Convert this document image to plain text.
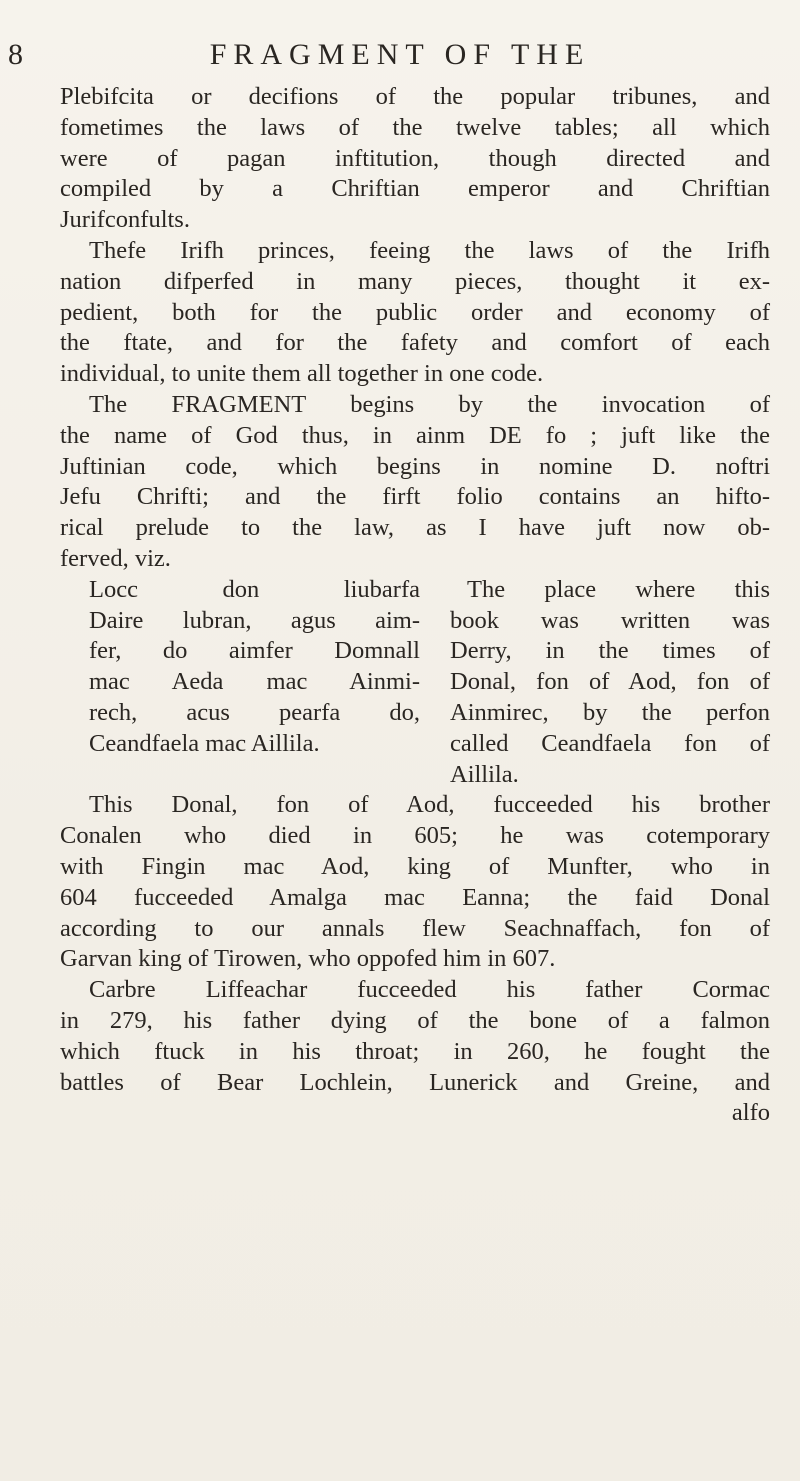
8	FRAGMENT OF THE
Plebifcita or decifions of the popular tribunes, and
fometimes the laws of the twelve tables; all which
were of pagan inftitution, though directed and
compiled by a Chriftian emperor and Chriftian
Jurifconfults.
Thefe Irifh princes, feeing the laws of the Irifh
nation difperfed in many pieces, thought it ex-
pedient, both for the public order and economy of
the ftate, and for the fafety and comfort of each
individual, to unite them all together in one code.
The FRAGMENT begins by the invocation of
the name of God thus, in ainm DE fo ; juft like the
Juftinian code, which begins in nomine D. noftri
Jefu Chrifti; and the firft folio contains an hifto-
rical prelude to the law, as I have juft now ob-
ferved, viz.
Locc don liubarfa
Daire lubran, agus aim-
fer, do aimfer Domnall
mac Aeda mac Ainmi-
rech, acus pearfa do,
Ceandfaela mac Aillila.
The place where this
book was written was
Derry, in the times of
Donal, fon of Aod, fon of
Ainmirec, by the perfon
called Ceandfaela fon of
Aillila.
This Donal, fon of Aod, fucceeded his brother
Conalen who died in 605; he was cotemporary
with Fingin mac Aod, king of Munfter, who in
604 fucceeded Amalga mac Eanna; the faid Donal
according to our annals flew Seachnaffach, fon of
Garvan king of Tirowen, who oppofed him in 607.
Carbre Liffeachar fucceeded his father Cormac
in 279, his father dying of the bone of a falmon
which ftuck in his throat; in 260, he fought the
battles of Bear Lochlein, Lunerick and Greine, and
alfo
